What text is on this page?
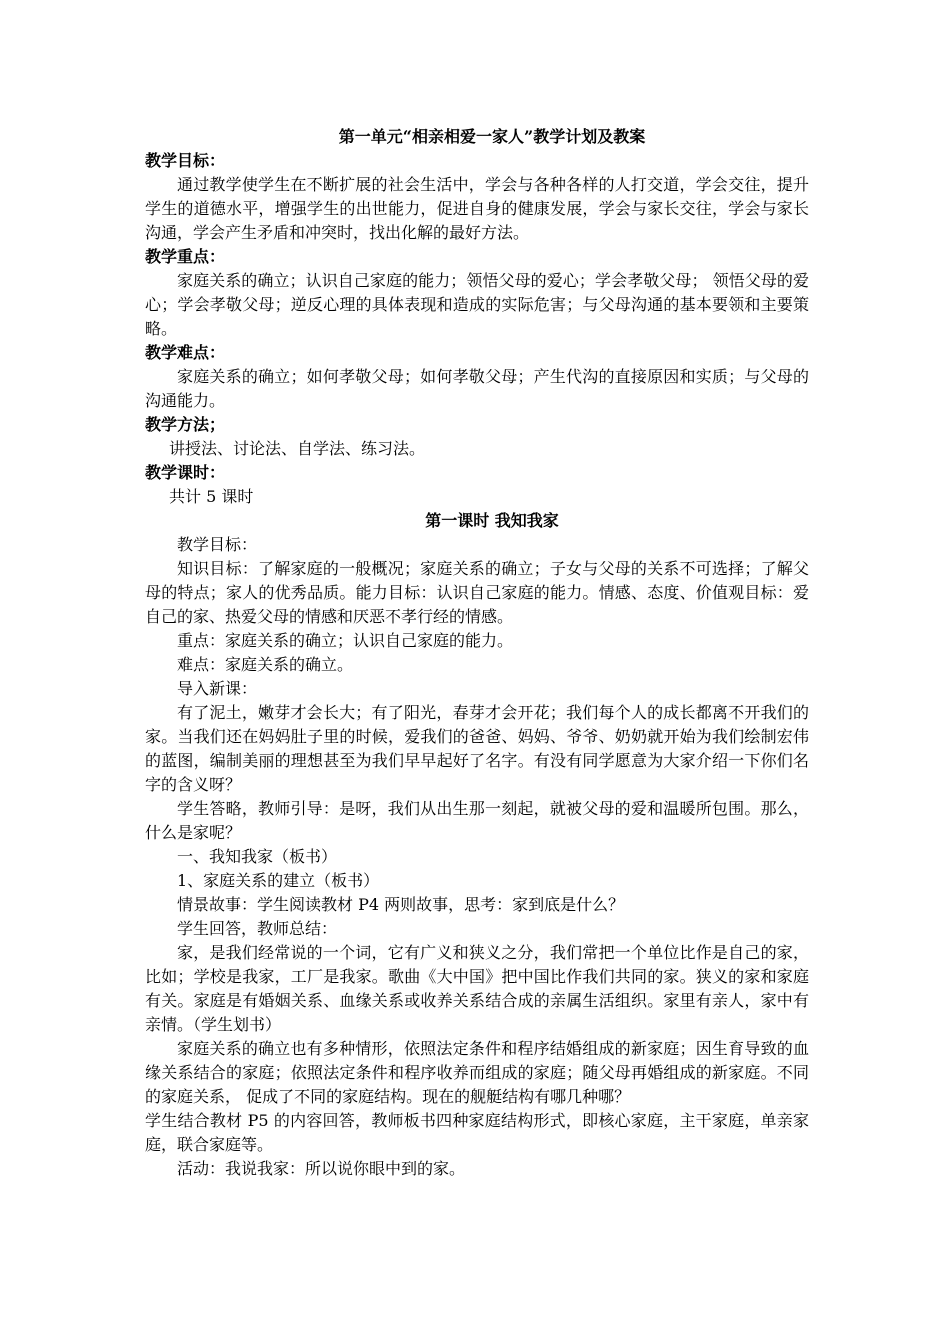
第一单元“相亲相爱一家人”教学计划及教案
教学目标：
通过教学使学生在不断扩展的社会生活中，学会与各种各样的人打交道，学会交往，提升学生的道德水平，增强学生的出世能力，促进自身的健康发展，学会与家长交往，学会与家长沟通，学会产生矛盾和冲突时，找出化解的最好方法。
教学重点：
家庭关系的确立；认识自己家庭的能力；领悟父母的爱心；学会孝敬父母； 领悟父母的爱心；学会孝敬父母；逆反心理的具体表现和造成的实际危害；与父母沟通的基本要领和主要策略。
教学难点：
家庭关系的确立；如何孝敬父母；如何孝敬父母；产生代沟的直接原因和实质；与父母的沟通能力。
教学方法；
讲授法、讨论法、自学法、练习法。
教学课时：
共计 5 课时
第一课时 我知我家
教学目标：
知识目标：了解家庭的一般概况；家庭关系的确立；子女与父母的关系不可选择；了解父母的特点；家人的优秀品质。能力目标：认识自己家庭的能力。情感、态度、价值观目标：爱自己的家、热爱父母的情感和厌恶不孝行经的情感。
重点：家庭关系的确立；认识自己家庭的能力。
难点：家庭关系的确立。
导入新课：
有了泥土，嫩芽才会长大；有了阳光，春芽才会开花；我们每个人的成长都离不开我们的家。当我们还在妈妈肚子里的时候，爱我们的爸爸、妈妈、爷爷、奶奶就开始为我们绘制宏伟的蓝图，编制美丽的理想甚至为我们早早起好了名字。有没有同学愿意为大家介绍一下你们名字的含义呀？
学生答略，教师引导：是呀，我们从出生那一刻起，就被父母的爱和温暖所包围。那么，什么是家呢？
一、我知我家（板书）
1、家庭关系的建立（板书）
情景故事：学生阅读教材 P4 两则故事，思考：家到底是什么？
学生回答，教师总结：
家，是我们经常说的一个词，它有广义和狭义之分，我们常把一个单位比作是自己的家，比如；学校是我家，工厂是我家。歌曲《大中国》把中国比作我们共同的家。狭义的家和家庭有关。家庭是有婚姻关系、血缘关系或收养关系结合成的亲属生活组织。家里有亲人，家中有亲情。（学生划书）
家庭关系的确立也有多种情形，依照法定条件和程序结婚组成的新家庭；因生育导致的血缘关系结合的家庭；依照法定条件和程序收养而组成的家庭；随父母再婚组成的新家庭。不同的家庭关系， 促成了不同的家庭结构。现在的舰艇结构有哪几种哪？
学生结合教材 P5 的内容回答，教师板书四种家庭结构形式，即核心家庭，主干家庭，单亲家庭，联合家庭等。
活动：我说我家：所以说你眼中到的家。
